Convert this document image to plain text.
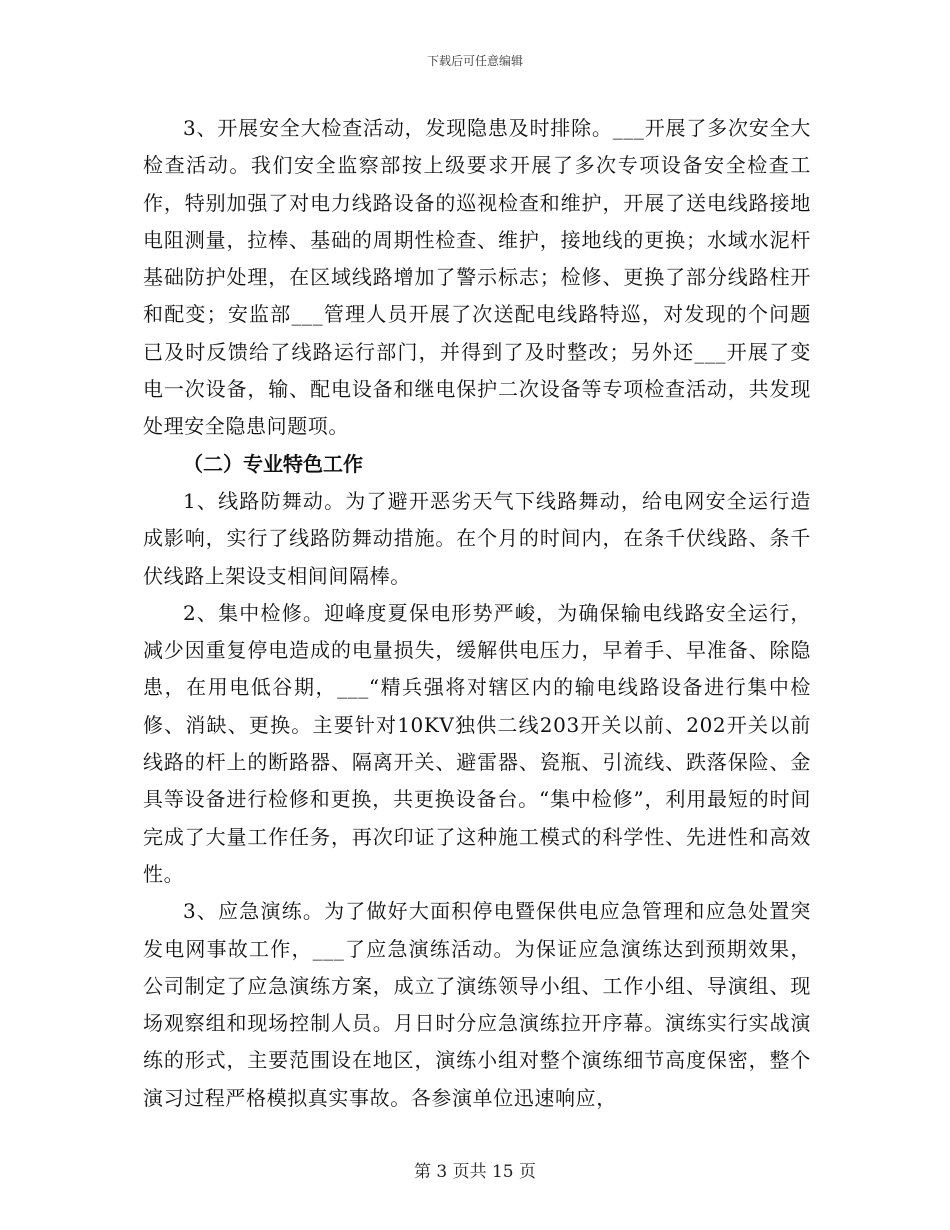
下载后可任意编辑

3、开展安全大检查活动，发现隐患及时排除。___开展了多次安全大检查活动。我们安全监察部按上级要求开展了多次专项设备安全检查工作，特别加强了对电力线路设备的巡视检查和维护，开展了送电线路接地电阻测量，拉棒、基础的周期性检查、维护，接地线的更换；水域水泥杆基础防护处理，在区域线路增加了警示标志；检修、更换了部分线路柱开和配变；安监部___管理人员开展了次送配电线路特巡，对发现的个问题已及时反馈给了线路运行部门，并得到了及时整改；另外还___开展了变电一次设备，输、配电设备和继电保护二次设备等专项检查活动，共发现处理安全隐患问题项。

（二）专业特色工作

1、线路防舞动。为了避开恶劣天气下线路舞动，给电网安全运行造成影响，实行了线路防舞动措施。在个月的时间内，在条千伏线路、条千伏线路上架设支相间间隔棒。

2、集中检修。迎峰度夏保电形势严峻，为确保输电线路安全运行，减少因重复停电造成的电量损失，缓解供电压力，早着手、早准备、除隐患，在用电低谷期，___“精兵强将对辖区内的输电线路设备进行集中检修、消缺、更换。主要针对10KV独供二线203开关以前、202开关以前线路的杆上的断路器、隔离开关、避雷器、瓷瓶、引流线、跌落保险、金具等设备进行检修和更换，共更换设备台。“集中检修”，利用最短的时间完成了大量工作任务，再次印证了这种施工模式的科学性、先进性和高效性。

3、应急演练。为了做好大面积停电暨保供电应急管理和应急处置突发电网事故工作，___了应急演练活动。为保证应急演练达到预期效果，公司制定了应急演练方案，成立了演练领导小组、工作小组、导演组、现场观察组和现场控制人员。月日时分应急演练拉开序幕。演练实行实战演练的形式，主要范围设在地区，演练小组对整个演练细节高度保密，整个演习过程严格模拟真实事故。各参演单位迅速响应，

第 3 页共 15 页
